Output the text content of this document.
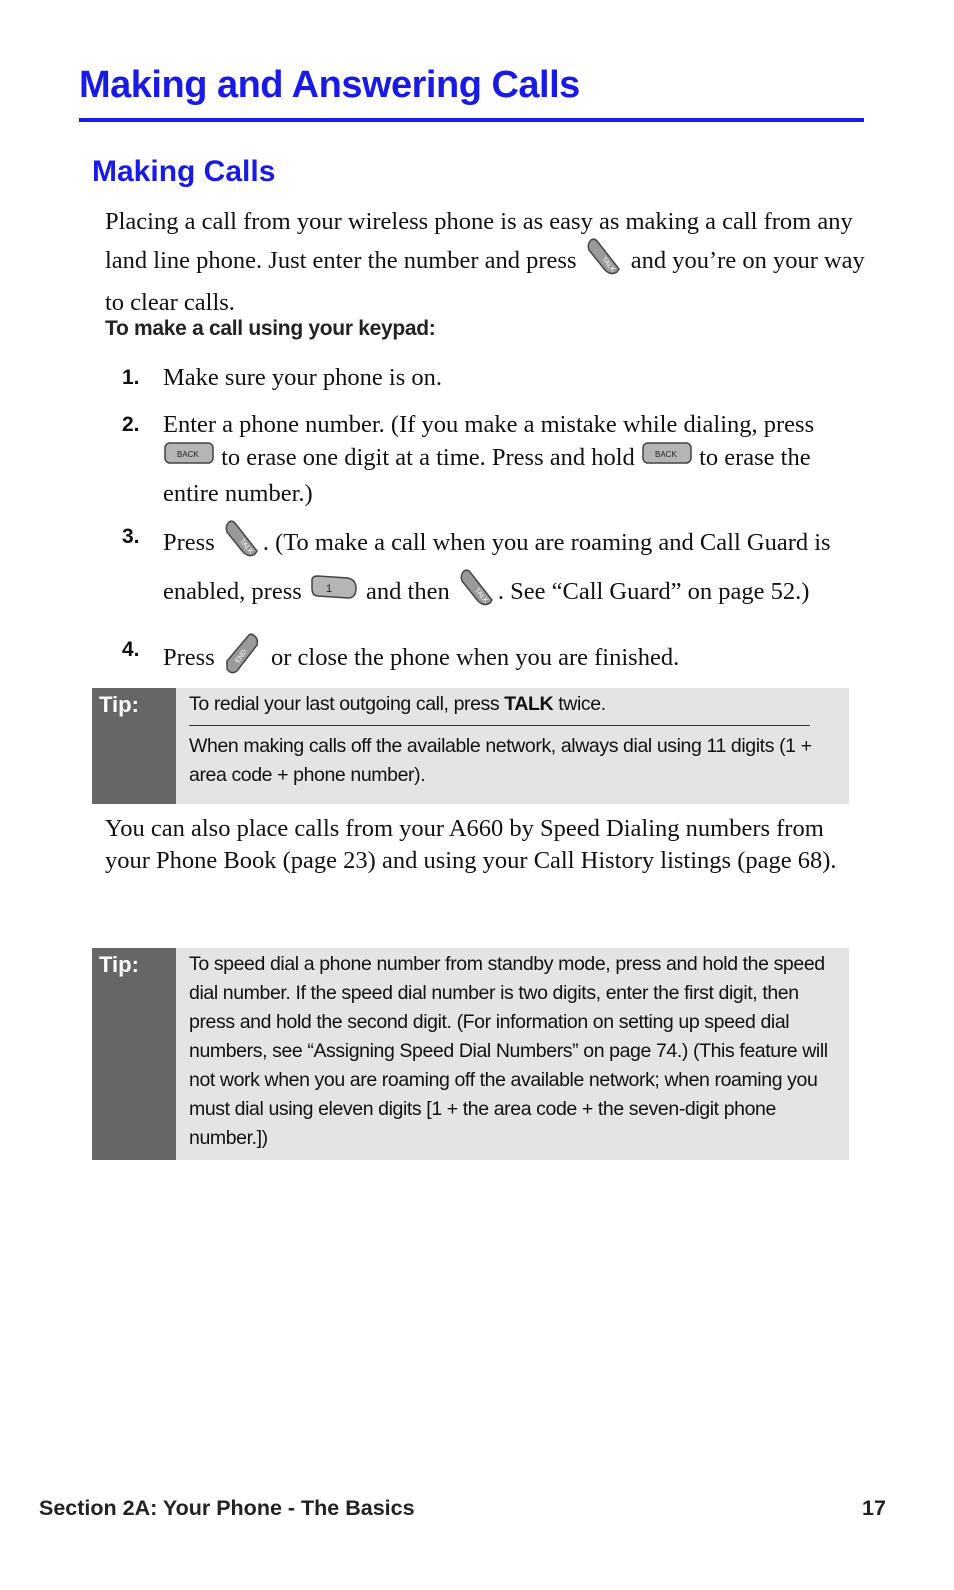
Making and Answering Calls
Making Calls
Placing a call from your wireless phone is as easy as making a call from any land line phone. Just enter the number and press	TALK and you’re on your way to clear calls.
To make a call using your keypad:
1. Make sure your phone is on.
2. Enter a phone number. (If you make a mistake while dialing, press
BACK to erase one digit at a time. Press and hold	BACK to erase the entire number.)
3. Press	TALK . (To make a call when you are roaming and Call Guard is enabled, press 1 and then	TALK . See “Call Guard” on page 52.)
4. Press	END or close the phone when you are finished.
Tip:	To redial your last outgoing call, press TALK twice.
When making calls off the available network, always dial using 11 digits (1 + area code + phone number).
You can also place calls from your A660 by Speed Dialing numbers from your Phone Book (page 23) and using your Call History listings (page 68).
Tip:	To speed dial a phone number from standby mode, press and hold the speed dial number. If the speed dial number is two digits, enter the first digit, then press and hold the second digit. (For information on setting up speed dial numbers, see “Assigning Speed Dial Numbers” on page 74.) (This feature will not work when you are roaming off the available network; when roaming you must dial using eleven digits [1 + the area code + the seven-digit phone number.])
Section 2A: Your Phone - The Basics	17
